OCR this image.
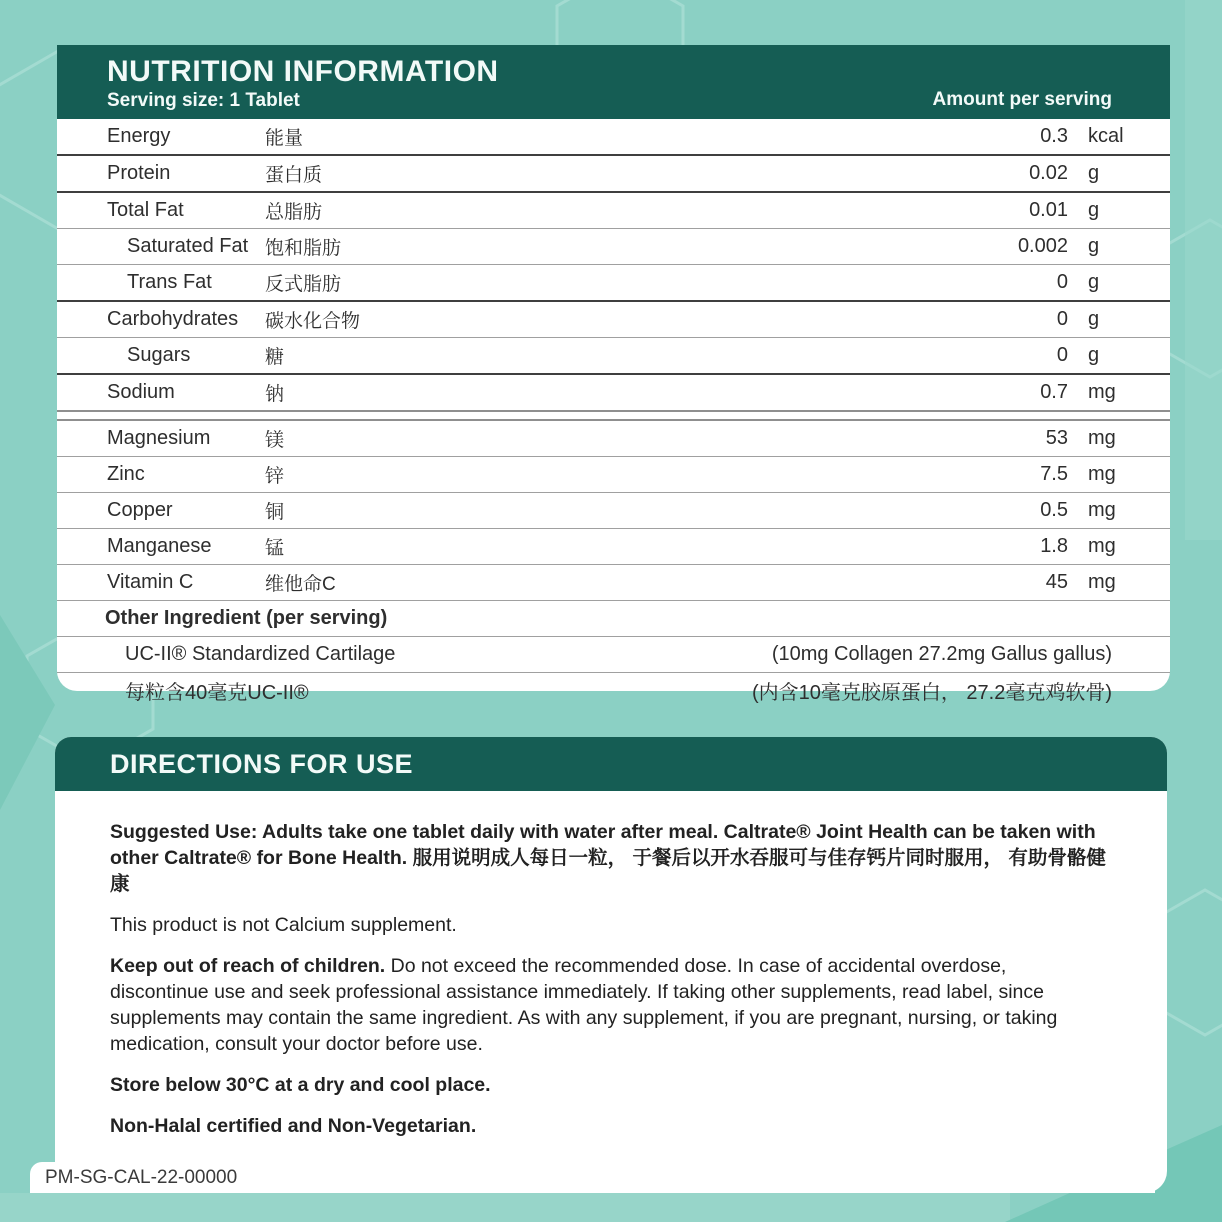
NUTRITION INFORMATION
Serving size: 1 Tablet	Amount per serving
Energy	能量	0.3	kcal
Protein	蛋白质	0.02	g
Total Fat	总脂肪	0.01	g
Saturated Fat 饱和脂肪	0.002	g
Trans Fat	反式脂肪	0	g
Carbohydrates	碳水化合物	0	g
Sugars	糖	0	g
Sodium	钠	0.7	mg
Magnesium	镁	53	mg
Zinc	锌	7.5	mg
Copper	铜	0.5	mg
Manganese	锰	1.8	mg
Vitamin C	维他命C	45	mg
Other Ingredient (per serving)
UC-II® Standardized Cartilage	(10mg Collagen 27.2mg Gallus gallus)
每粒含40毫克UC-II®	(内含10毫克胶原蛋白， 27.2毫克鸡软骨)
DIRECTIONS FOR USE

Suggested Use: Adults take one tablet daily with water after meal. Caltrate® Joint Health can be taken with other Caltrate® for Bone Health. 服用说明成人每日一粒， 于餐后以开水吞服可与佳存钙片同时服用， 有助骨骼健康

This product is not Calcium supplement.

Keep out of reach of children. Do not exceed the recommended dose. In case of accidental overdose, discontinue use and seek professional assistance immediately. If taking other supplements, read label, since supplements may contain the same ingredient. As with any supplement, if you are pregnant, nursing, or taking medication, consult your doctor before use.

Store below 30°C at a dry and cool place.

Non-Halal certified and Non-Vegetarian.

PM-SG-CAL-22-00000
